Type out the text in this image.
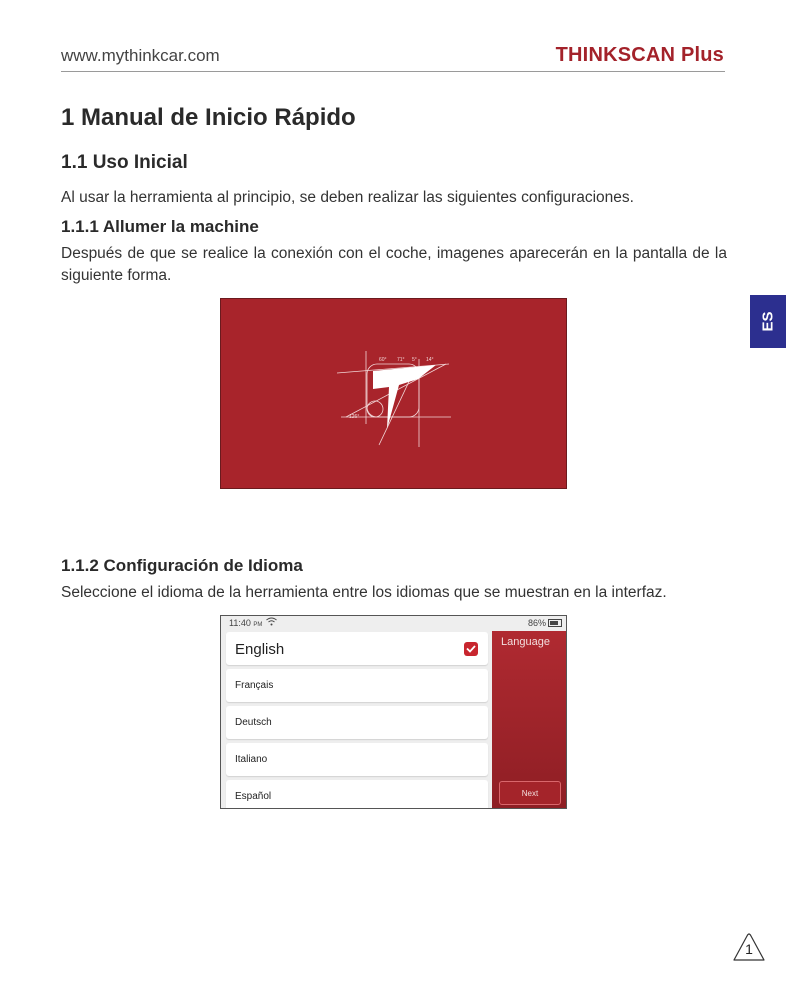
www.mythinkcar.com	THINKSCAN Plus
ES
1 Manual de Inicio Rápido
1.1 Uso Inicial

Al usar la herramienta al principio, se deben realizar las siguientes configuraciones.

1.1.1 Allumer la machine

Después de que se realice la conexión con el coche, imagenes aparecerán en la pantalla de la siguiente forma.

60° 71° 5° 14°
126°
1.1.2 Configuración de Idioma

Seleccione el idioma de la herramienta entre los idiomas que se muestran en la interfaz.

11:40 PM	86%
English
Français
Deutsch
Italiano
Español
Language
Next
1
